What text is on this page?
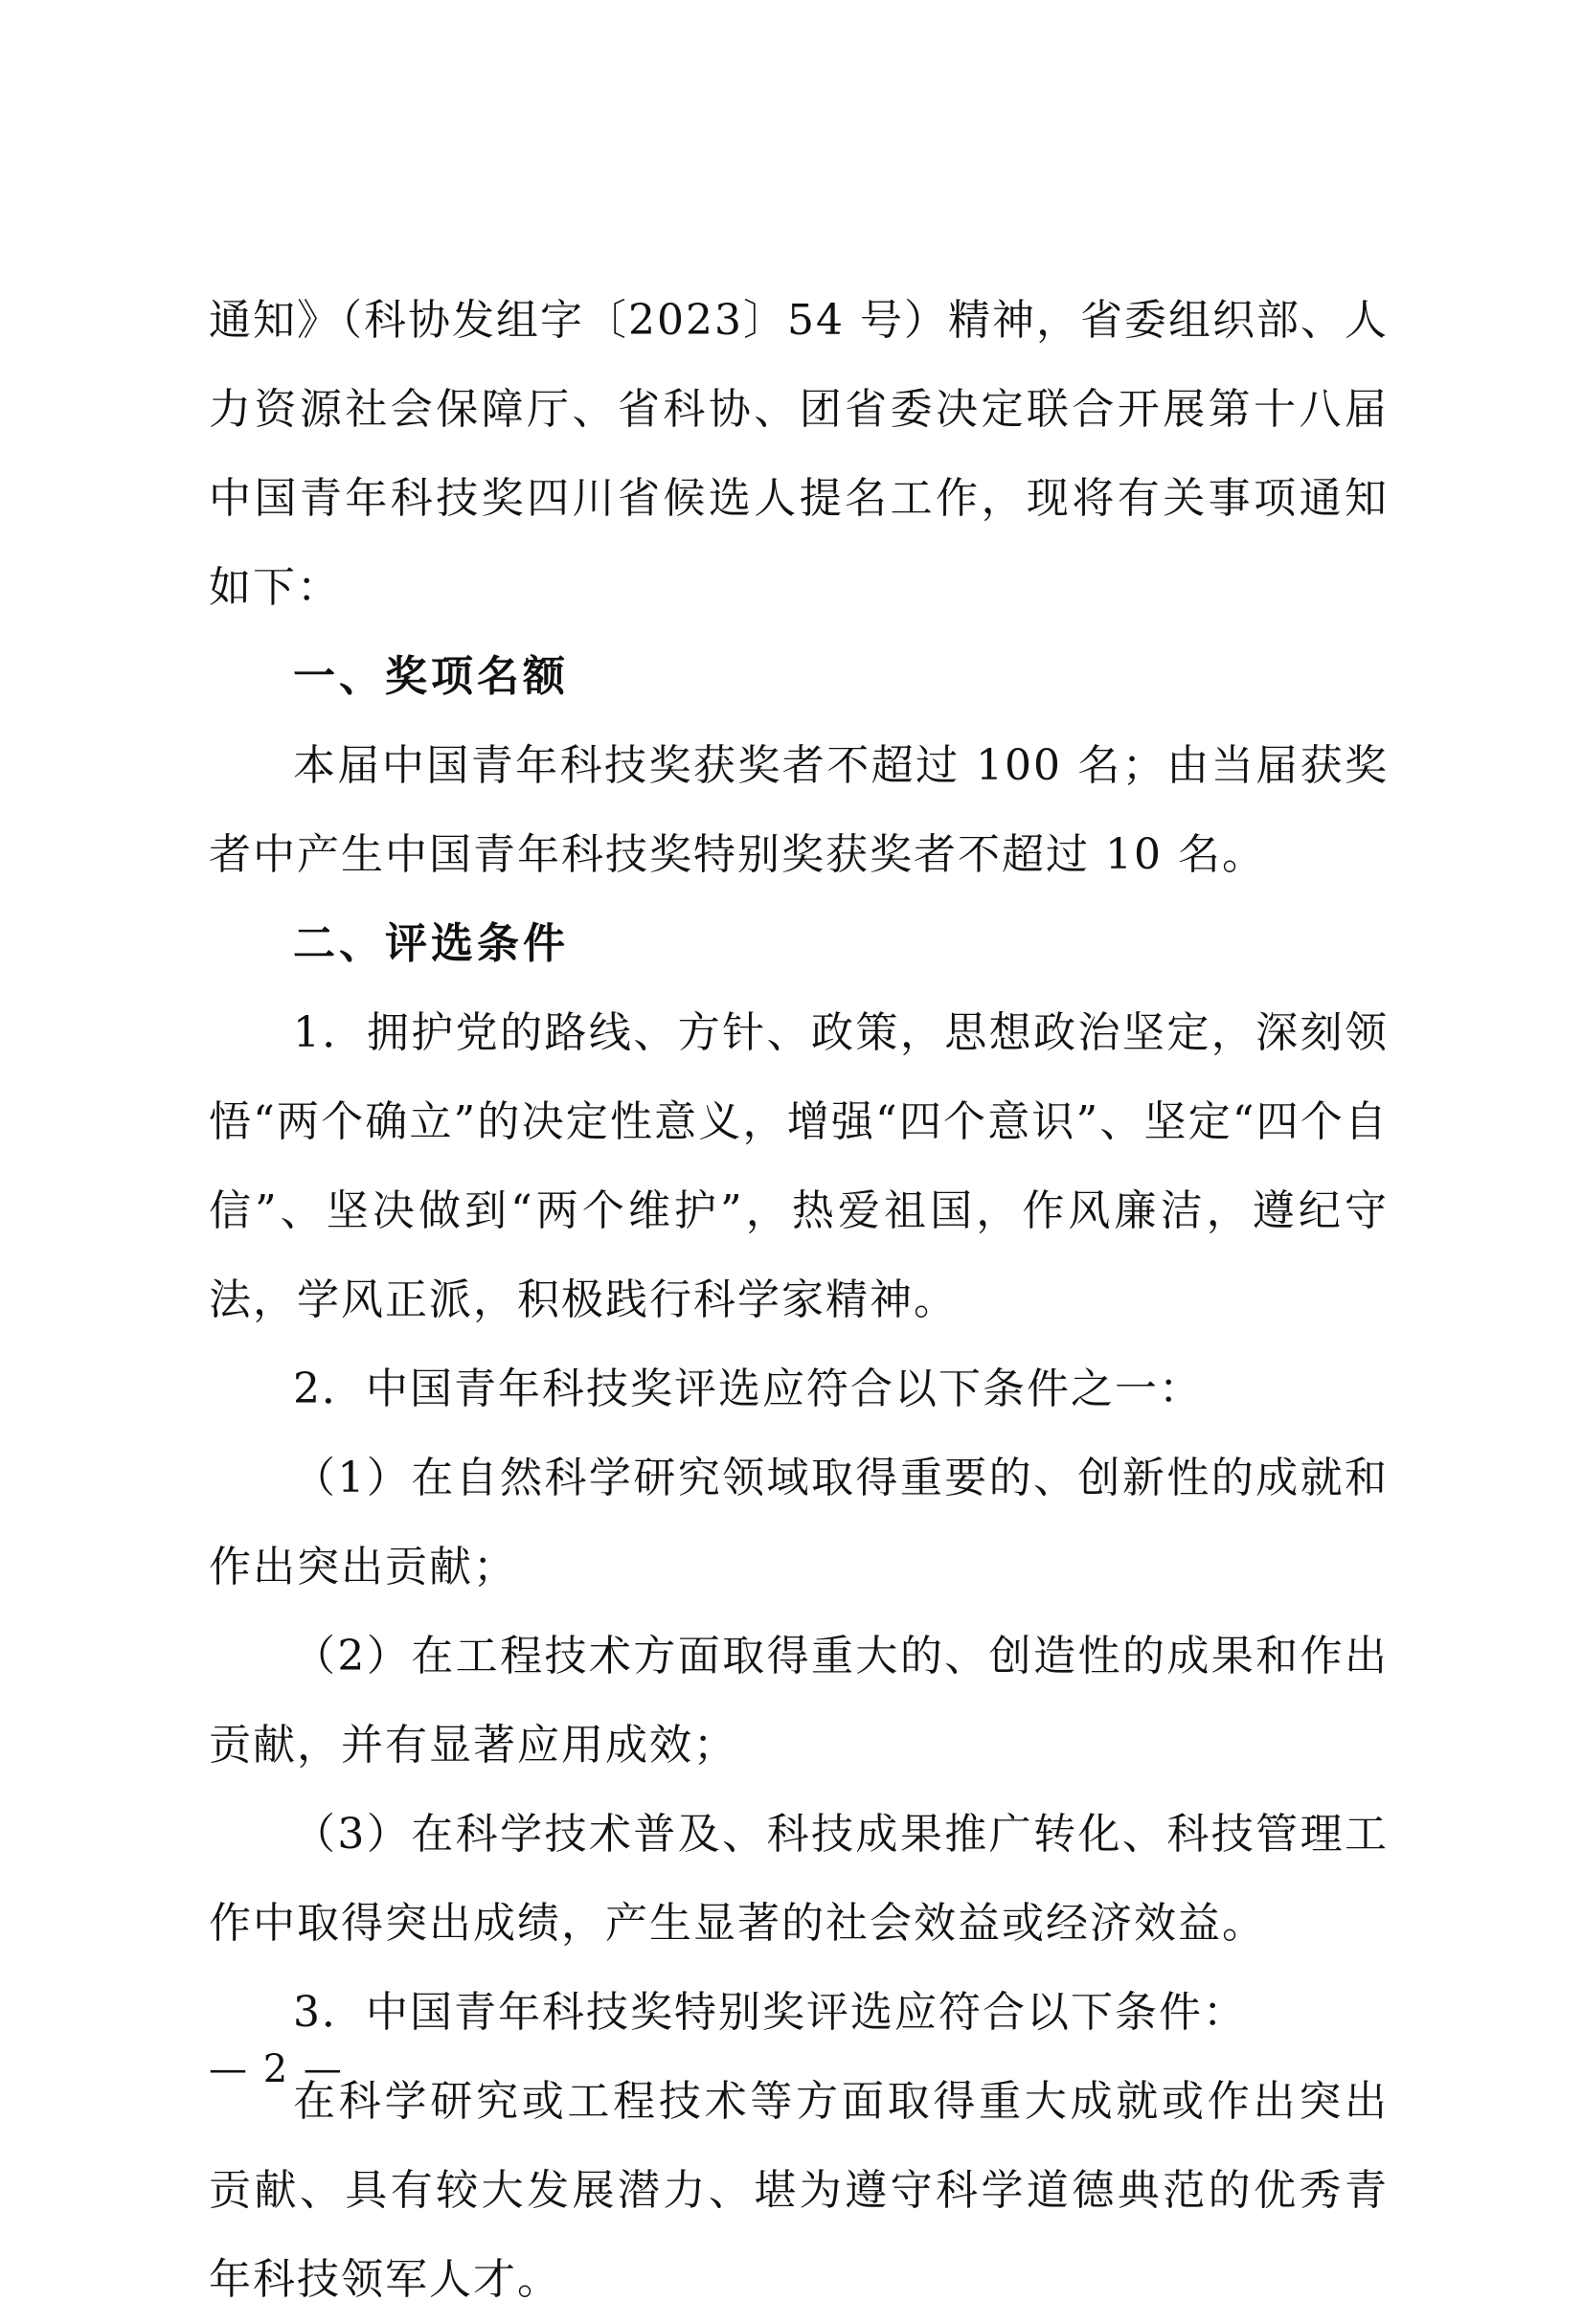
通知》（科协发组字〔2023〕54 号）精神，省委组织部、人力资源社会保障厅、省科协、团省委决定联合开展第十八届中国青年科技奖四川省候选人提名工作，现将有关事项通知如下：

一、奖项名额

本届中国青年科技奖获奖者不超过 100 名；由当届获奖者中产生中国青年科技奖特别奖获奖者不超过 10 名。

二、评选条件

1．拥护党的路线、方针、政策，思想政治坚定，深刻领悟“两个确立”的决定性意义，增强“四个意识”、坚定“四个自信”、坚决做到“两个维护”，热爱祖国，作风廉洁，遵纪守法，学风正派，积极践行科学家精神。

2．中国青年科技奖评选应符合以下条件之一：

（1）在自然科学研究领域取得重要的、创新性的成就和作出突出贡献；

（2）在工程技术方面取得重大的、创造性的成果和作出贡献，并有显著应用成效；

（3）在科学技术普及、科技成果推广转化、科技管理工作中取得突出成绩，产生显著的社会效益或经济效益。

3．中国青年科技奖特别奖评选应符合以下条件：

在科学研究或工程技术等方面取得重大成就或作出突出贡献、具有较大发展潜力、堪为遵守科学道德典范的优秀青年科技领军人才。

— 2 —
